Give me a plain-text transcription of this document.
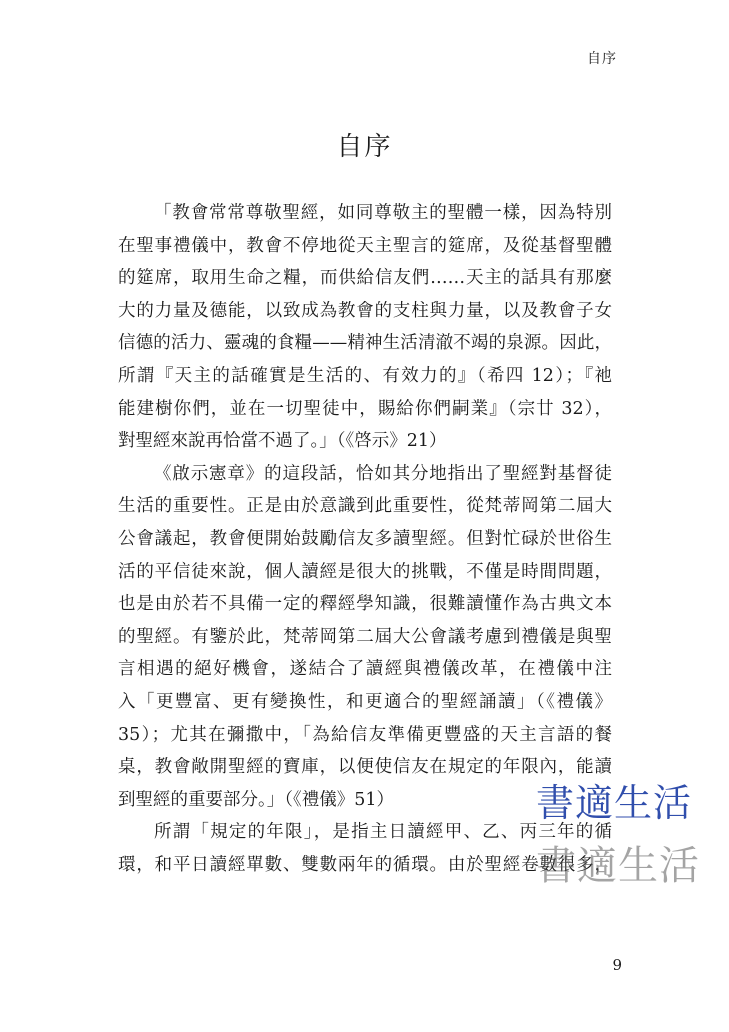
自序
自序
「教會常常尊敬聖經，如同尊敬主的聖體一樣，因為特別
在聖事禮儀中，教會不停地從天主聖言的筵席，及從基督聖體
的筵席，取用生命之糧，而供給信友們……天主的話具有那麼
大的力量及德能，以致成為教會的支柱與力量，以及教會子女
信德的活力、靈魂的食糧——精神生活清澈不竭的泉源。因此，
所謂『天主的話確實是生活的、有效力的』（希四 12）；『祂
能建樹你們，並在一切聖徒中，賜給你們嗣業』（宗廿 32），
對聖經來說再恰當不過了。」（《啓示》21）
《啟示憲章》的這段話，恰如其分地指出了聖經對基督徒
生活的重要性。正是由於意識到此重要性，從梵蒂岡第二屆大
公會議起，教會便開始鼓勵信友多讀聖經。但對忙碌於世俗生
活的平信徒來說，個人讀經是很大的挑戰，不僅是時間問題，
也是由於若不具備一定的釋經學知識，很難讀懂作為古典文本
的聖經。有鑒於此，梵蒂岡第二屆大公會議考慮到禮儀是與聖
言相遇的絕好機會，遂結合了讀經與禮儀改革，在禮儀中注
入「更豐富、更有變換性，和更適合的聖經誦讀」（《禮儀》
35）；尤其在彌撒中，「為給信友準備更豐盛的天主言語的餐
桌，教會敞開聖經的寶庫，以便使信友在規定的年限內，能讀
到聖經的重要部分。」（《禮儀》51）
所謂「規定的年限」，是指主日讀經甲、乙、丙三年的循
環，和平日讀經單數、雙數兩年的循環。由於聖經卷數很多，
書適生活
書適生活
9
